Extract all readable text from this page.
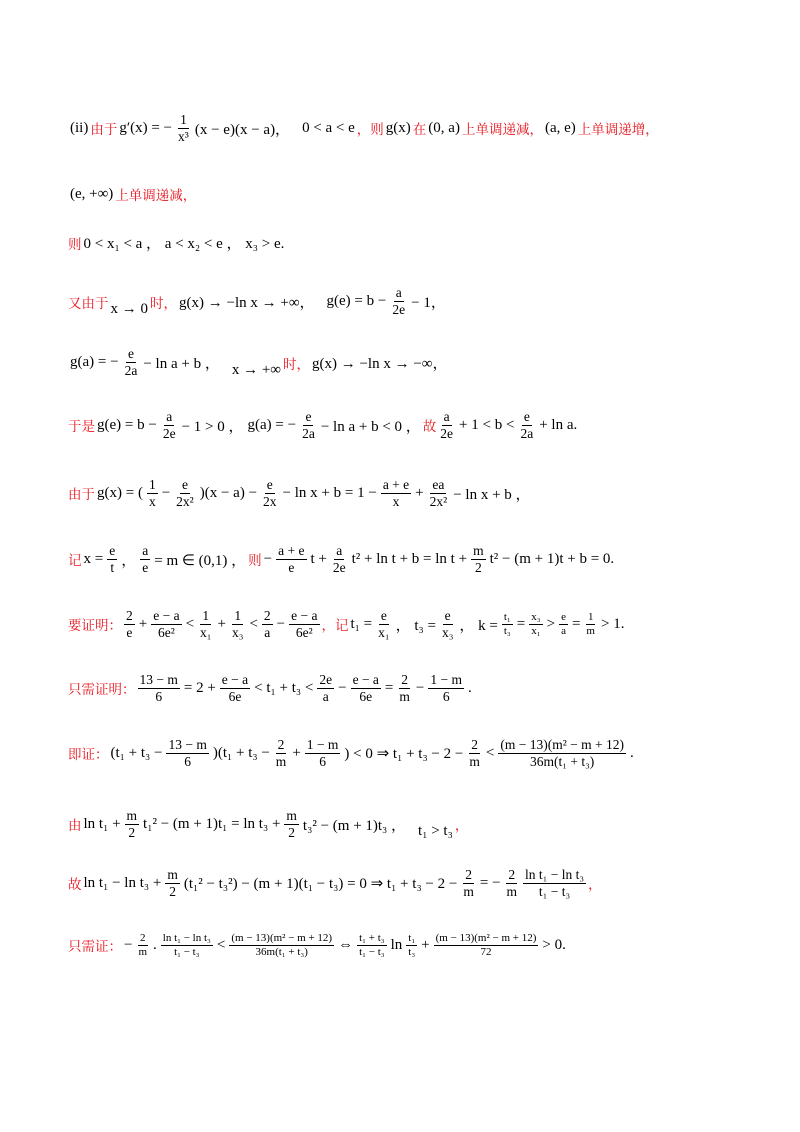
(ii) 由于 g′(x) = − $\frac{1}{\text{x³}} (x - e)(x - a)$， 0 < a < e ，则 g(x) 在 (0, a) 上单调递减， (a, e) 上单调递增，
(e, +∞) 上单调递减，
则 0 < x₁ < a ， a < x₂ < e ， x₃ > e.
又由于 x → 0 时， g(x) → −ln x → +∞， $g(e) = b - \frac{a}{2e} - 1$，
g(a) = − $\frac{e}{2a} - \ln a + b$ ， x → +∞ 时， g(x) → −ln x → −∞，
于是 $g(e) = b - \frac{a}{2e} - 1 > 0$ ， g(a) = − $\frac{e}{2a} - \ln a + b < 0$ ， 故 $\frac{a}{2e} + 1 < b < \frac{e}{2a} + \ln a$.
由于 g(x) = ( $\frac{1}{x} - \frac{e}{\text{2x²}} )(x - a) - \frac{e}{2x} - \ln x + b = 1 - \frac{a + e}{x} + \frac{ea}{\text{2x²}} - \ln x + b$ ，
记 $x = \frac{e}{t}$ ， $\frac{a}{e} = m$ ∈ (0,1) ， 则 − $\frac{a + e}{e}$ $t + \frac{a}{2e} t^2 + \ln t + b = \ln t + \frac{m}{2} t^2 - (m + 1)t + b = 0$.
要证明： $\frac{2}{e} + \frac{e - a}{\text{6e²}} < \frac{1}{\text{x₁}} + \frac{1}{\text{x₃}} < \frac{2}{a} - \frac{e - a}{\text{6e²}}$ ，记 $t_1 = \frac{e}{\text{x₁}}$ ， $t_3 = \frac{e}{\text{x₃}}$ ， $k = \frac{\text{t₁}}{\text{t₃}} = \frac{\text{x₃}}{\text{x₁}} > \frac{e}{a} = \frac{1}{m} > 1$.
只需证明： $\frac{13 - m}{6} = 2 + \frac{e - a}{6e} < t_1 + t_3 < \frac{2e}{a} - \frac{e - a}{6e} = \frac{2}{m} - \frac{1 - m}{6}$ .
即证： $(t_1 + t_3 - \frac{13 - m}{6} )(t_1 + t_3 - \frac{2}{m} + \frac{1 - m}{6}$ ) < 0 ⇒ $t_1 + t_3 - 2 - \frac{2}{m} < \frac{\text{(m − 13)(m² − m + 12)}}{\text{36m(t₁ + t₃)}}$ .
由 $\ln t_1 + \frac{m}{2} t_1^2 - (m + 1)t_1 = \ln t_3 + \frac{m}{2} t_3^2 - (m + 1)t_3$ ， t₁ > t₃ ，
故 $\ln t_1 - \ln t_3 + \frac{m}{2} (t_1^2 - t_3^2) - (m + 1)(t_1 - t_3) = 0$ ⇒ $t_1 + t_3 - 2 - \frac{2}{m}$ = − $\frac{2}{m} \frac{\text{ln t₁ − ln t₃}}{\text{t₁ − t₃}}$ ，
只需证： − $\frac{2}{m}$ . $\frac{\text{ln t₁ − ln t₃}}{\text{t₁ − t₃}} < \frac{\text{(m − 13)(m² − m + 12)}}{\text{36m(t₁ + t₃)}}$ ⇔ $\frac{\text{t₁ + t₃}}{\text{t₁ − t₃}}$ $\ln \frac{\text{t₁}}{\text{t₃}} + \frac{\text{(m − 13)(m² − m + 12)}}{72} > 0$.
